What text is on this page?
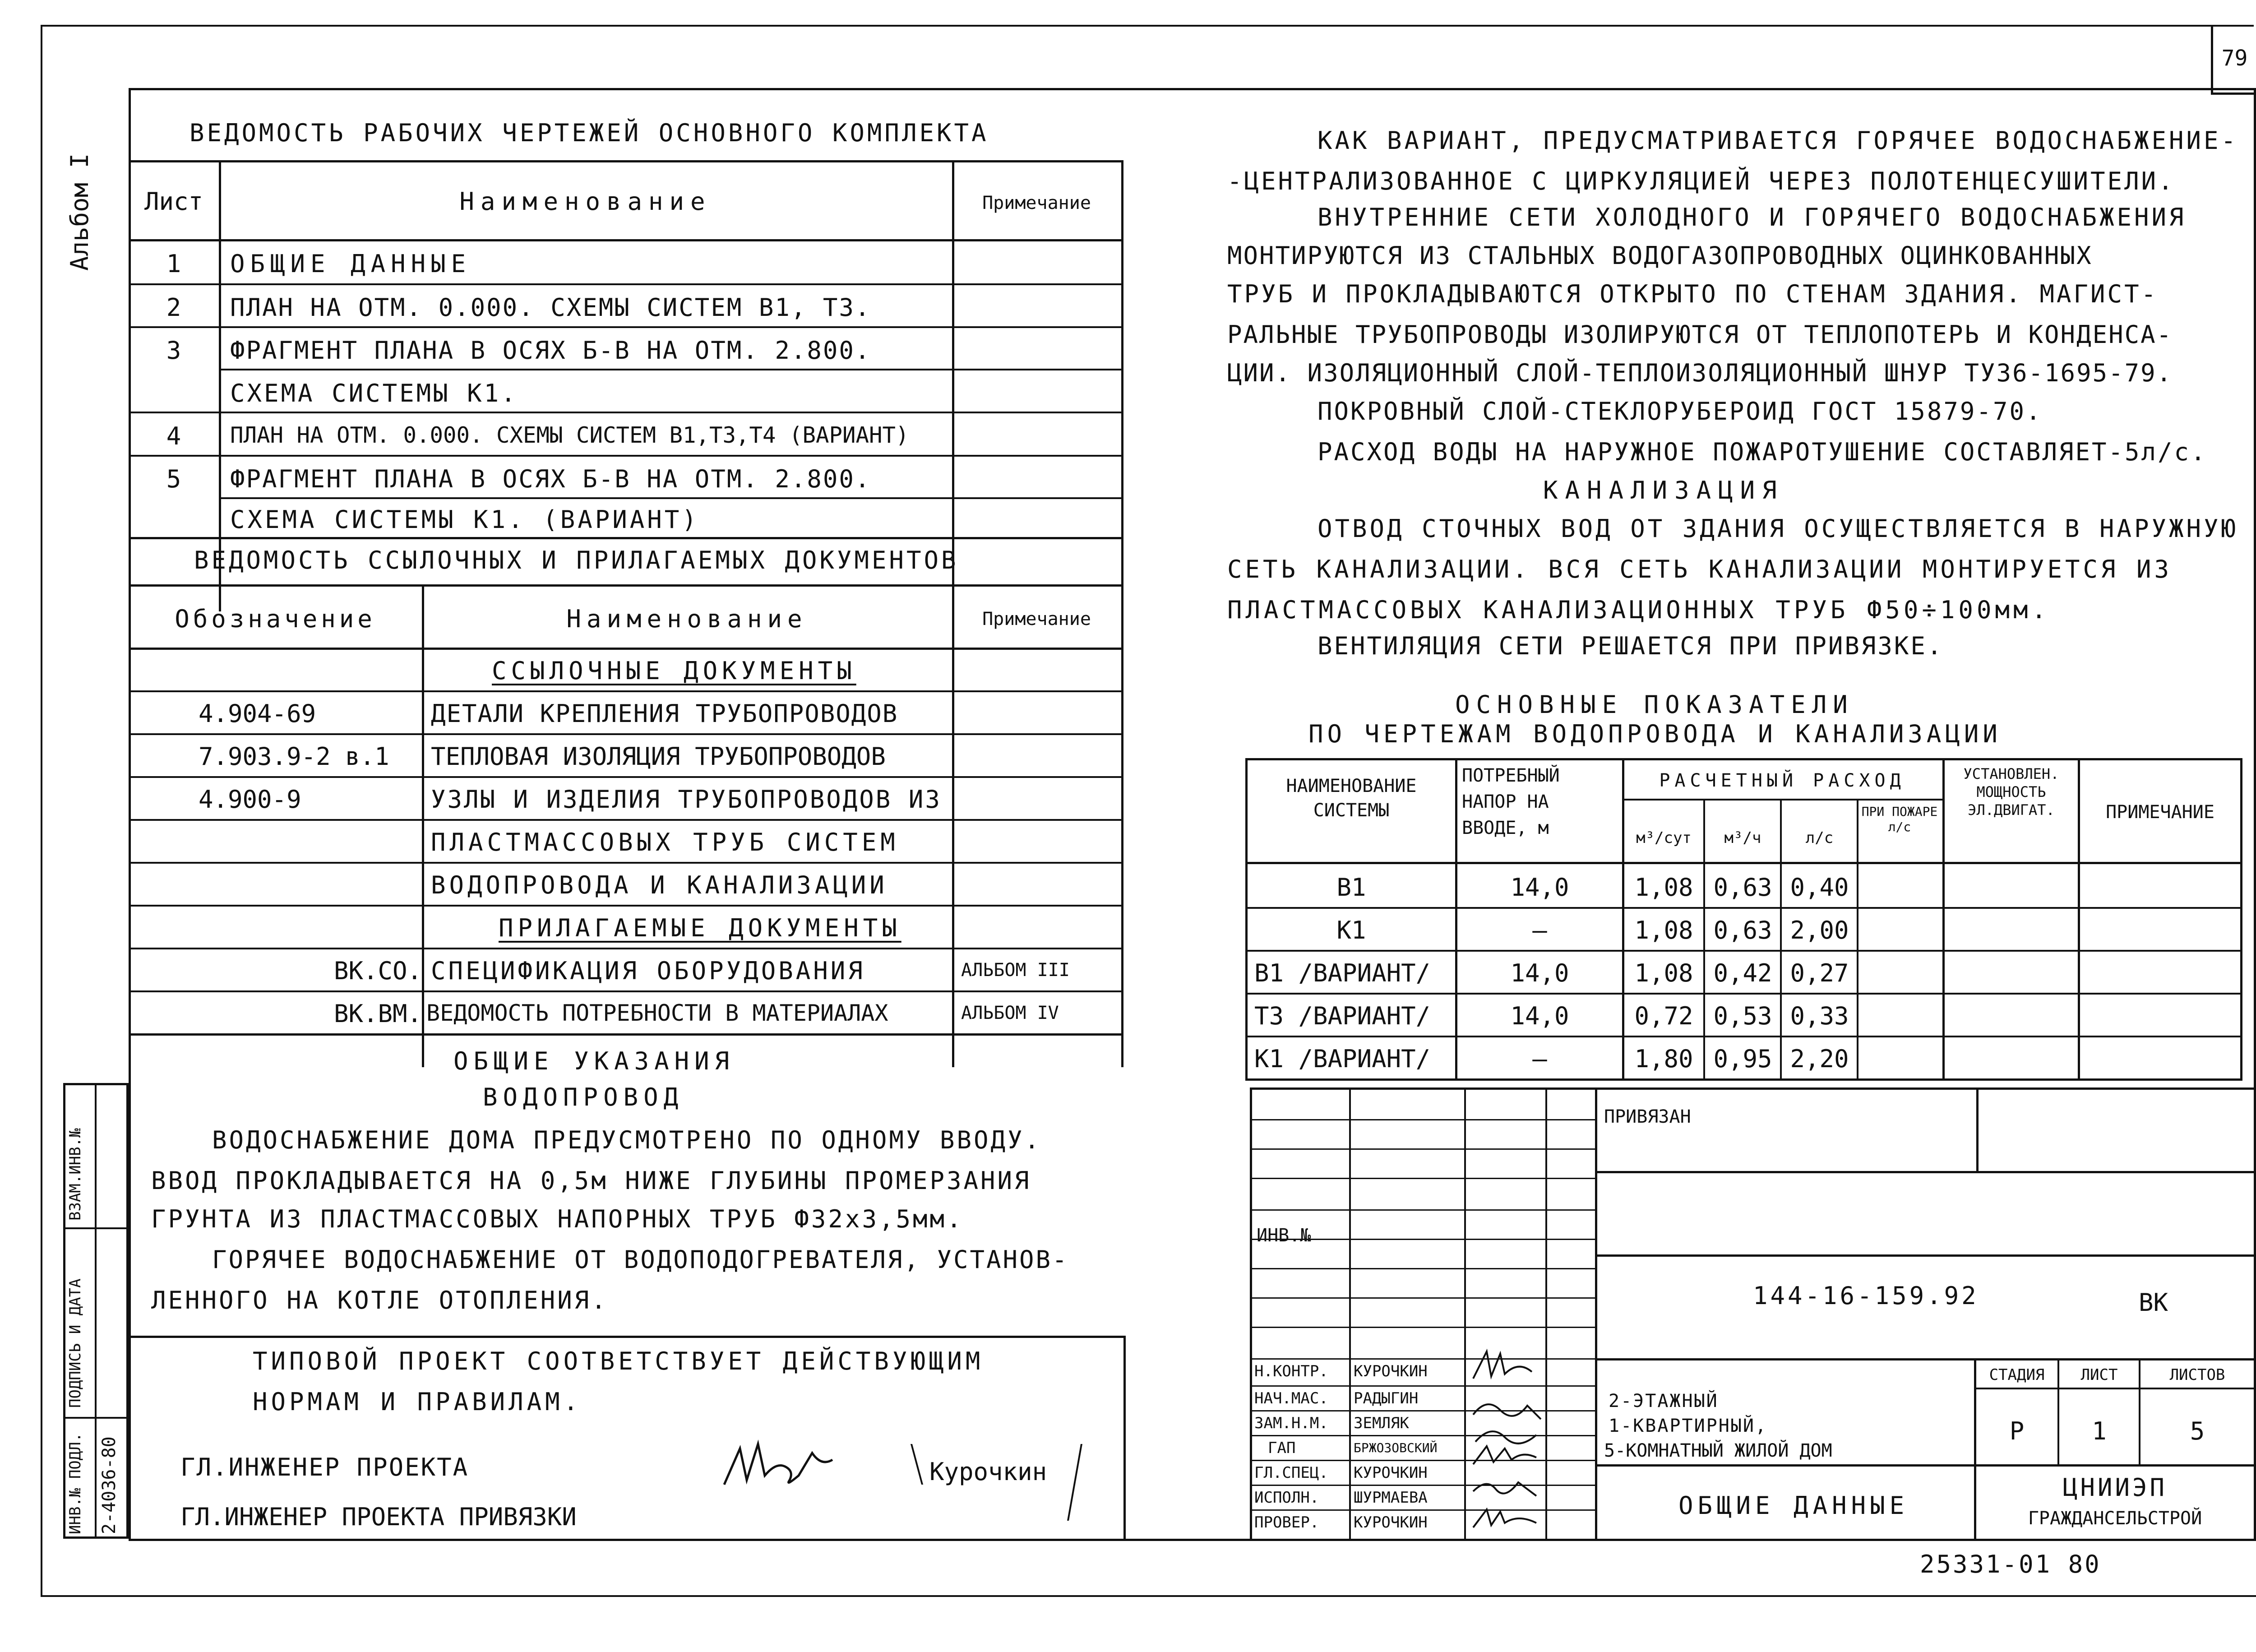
79
Альбом I
ВЗАМ.ИНВ.№
ПОДПИСЬ И ДАТА
ИНВ.№ ПОДЛ. 2-4036-80
ВЕДОМОСТЬ РАБОЧИХ ЧЕРТЕЖЕЙ ОСНОВНОГО КОМПЛЕКТА
Лист	Наименование	Примечание
1	ОБЩИЕ ДАННЫЕ
2	ПЛАН НА ОТМ. 0.000. СХЕМЫ СИСТЕМ В1, Т3.
3	ФРАГМЕНТ ПЛАНА В ОСЯХ Б-В НА ОТМ. 2.800.
СХЕМА СИСТЕМЫ К1.
4	ПЛАН НА ОТМ. 0.000. СХЕМЫ СИСТЕМ В1,Т3,Т4 (ВАРИАНТ)
5	ФРАГМЕНТ ПЛАНА В ОСЯХ Б-В НА ОТМ. 2.800.
СХЕМА СИСТЕМЫ К1. (ВАРИАНТ)
ВЕДОМОСТЬ ССЫЛОЧНЫХ И ПРИЛАГАЕМЫХ ДОКУМЕНТОВ
Обозначение	Наименование	Примечание
ССЫЛОЧНЫЕ ДОКУМЕНТЫ
4.904-69	ДЕТАЛИ КРЕПЛЕНИЯ ТРУБОПРОВОДОВ
7.903.9-2 в.1 ТЕПЛОВАЯ ИЗОЛЯЦИЯ ТРУБОПРОВОДОВ
4.900-9	УЗЛЫ И ИЗДЕЛИЯ ТРУБОПРОВОДОВ ИЗ
ПЛАСТМАССОВЫХ ТРУБ СИСТЕМ
ВОДОПРОВОДА И КАНАЛИЗАЦИИ
ПРИЛАГАЕМЫЕ ДОКУМЕНТЫ
ВК.СО. СПЕЦИФИКАЦИЯ ОБОРУДОВАНИЯ	АЛЬБОМ III
ВК.ВМ. ВЕДОМОСТЬ ПОТРЕБНОСТИ В МАТЕРИАЛАХ	АЛЬБОМ IV
ОБЩИЕ УКАЗАНИЯ
ВОДОПРОВОД
ВОДОСНАБЖЕНИЕ ДОМА ПРЕДУСМОТРЕНО ПО ОДНОМУ ВВОДУ.
ВВОД ПРОКЛАДЫВАЕТСЯ НА 0,5м НИЖЕ ГЛУБИНЫ ПРОМЕРЗАНИЯ
ГРУНТА ИЗ ПЛАСТМАССОВЫХ НАПОРНЫХ ТРУБ Ф32х3,5мм.
ГОРЯЧЕЕ ВОДОСНАБЖЕНИЕ ОТ ВОДОПОДОГРЕВАТЕЛЯ, УСТАНОВ-
ЛЕННОГО НА КОТЛЕ ОТОПЛЕНИЯ.
ТИПОВОЙ ПРОЕКТ СООТВЕТСТВУЕТ ДЕЙСТВУЮЩИМ
НОРМАМ И ПРАВИЛАМ.
ГЛ.ИНЖЕНЕР ПРОЕКТА
ГЛ.ИНЖЕНЕР ПРОЕКТА ПРИВЯЗКИ
Курочкин
КАК ВАРИАНТ, ПРЕДУСМАТРИВАЕТСЯ ГОРЯЧЕЕ ВОДОСНАБЖЕНИЕ-
-ЦЕНТРАЛИЗОВАННОЕ С ЦИРКУЛЯЦИЕЙ ЧЕРЕЗ ПОЛОТЕНЦЕСУШИТЕЛИ.
ВНУТРЕННИЕ СЕТИ ХОЛОДНОГО И ГОРЯЧЕГО ВОДОСНАБЖЕНИЯ
МОНТИРУЮТСЯ ИЗ СТАЛЬНЫХ ВОДОГАЗОПРОВОДНЫХ ОЦИНКОВАННЫХ
ТРУБ И ПРОКЛАДЫВАЮТСЯ ОТКРЫТО ПО СТЕНАМ ЗДАНИЯ. МАГИСТ-
РАЛЬНЫЕ ТРУБОПРОВОДЫ ИЗОЛИРУЮТСЯ ОТ ТЕПЛОПОТЕРЬ И КОНДЕНСА-
ЦИИ. ИЗОЛЯЦИОННЫЙ СЛОЙ-ТЕПЛОИЗОЛЯЦИОННЫЙ ШНУР ТУ36-1695-79.
ПОКРОВНЫЙ СЛОЙ-СТЕКЛОРУБЕРОИД ГОСТ 15879-70.
РАСХОД ВОДЫ НА НАРУЖНОЕ ПОЖАРОТУШЕНИЕ СОСТАВЛЯЕТ-5л/с.
КАНАЛИЗАЦИЯ
ОТВОД СТОЧНЫХ ВОД ОТ ЗДАНИЯ ОСУЩЕСТВЛЯЕТСЯ В НАРУЖНУЮ
СЕТЬ КАНАЛИЗАЦИИ. ВСЯ СЕТЬ КАНАЛИЗАЦИИ МОНТИРУЕТСЯ ИЗ
ПЛАСТМАССОВЫХ КАНАЛИЗАЦИОННЫХ ТРУБ Ф50÷100мм.
ВЕНТИЛЯЦИЯ СЕТИ РЕШАЕТСЯ ПРИ ПРИВЯЗКЕ.
ОСНОВНЫЕ ПОКАЗАТЕЛИ
ПО ЧЕРТЕЖАМ ВОДОПРОВОДА И КАНАЛИЗАЦИИ
НАИМЕНОВАНИЕ СИСТЕМЫ
ПОТРЕБНЫЙ НАПОР НА ВВОДЕ, м
РАСЧЕТНЫЙ РАСХОД
м³/сут	м³/ч	л/с
ПРИ ПОЖАРЕ л/с
УСТАНОВЛЕН. МОЩНОСТЬ ЭЛ.ДВИГАТ.	ПРИМЕЧАНИЕ
В1	14,0	1,08 0,63 0,40
К1	—	1,08 0,63 2,00
В1 /ВАРИАНТ/	14,0	1,08 0,42 0,27
Т3 /ВАРИАНТ/	14,0	0,72 0,53 0,33
К1 /ВАРИАНТ/	—	1,80 0,95 2,20
ИНВ.№
Н.КОНТР. КУРОЧКИН
НАЧ.МАС. РАДЫГИН
ЗАМ.Н.М. ЗЕМЛЯК
ГАП	БРЖОЗОВСКИЙ
ГЛ.СПЕЦ. КУРОЧКИН
ИСПОЛН. ШУРМАЕВА
ПРОВЕР. КУРОЧКИН
ПРИВЯЗАН
144-16-159.92	ВК
2-ЭТАЖНЫЙ
1-КВАРТИРНЫЙ,
5-КОМНАТНЫЙ ЖИЛОЙ ДОМ
СТАДИЯ	ЛИСТ	ЛИСТОВ
Р	1	5
ОБЩИЕ ДАННЫЕ
ЦНИИЭП
ГРАЖДАНСЕЛЬСТРОЙ
25331-01 80
